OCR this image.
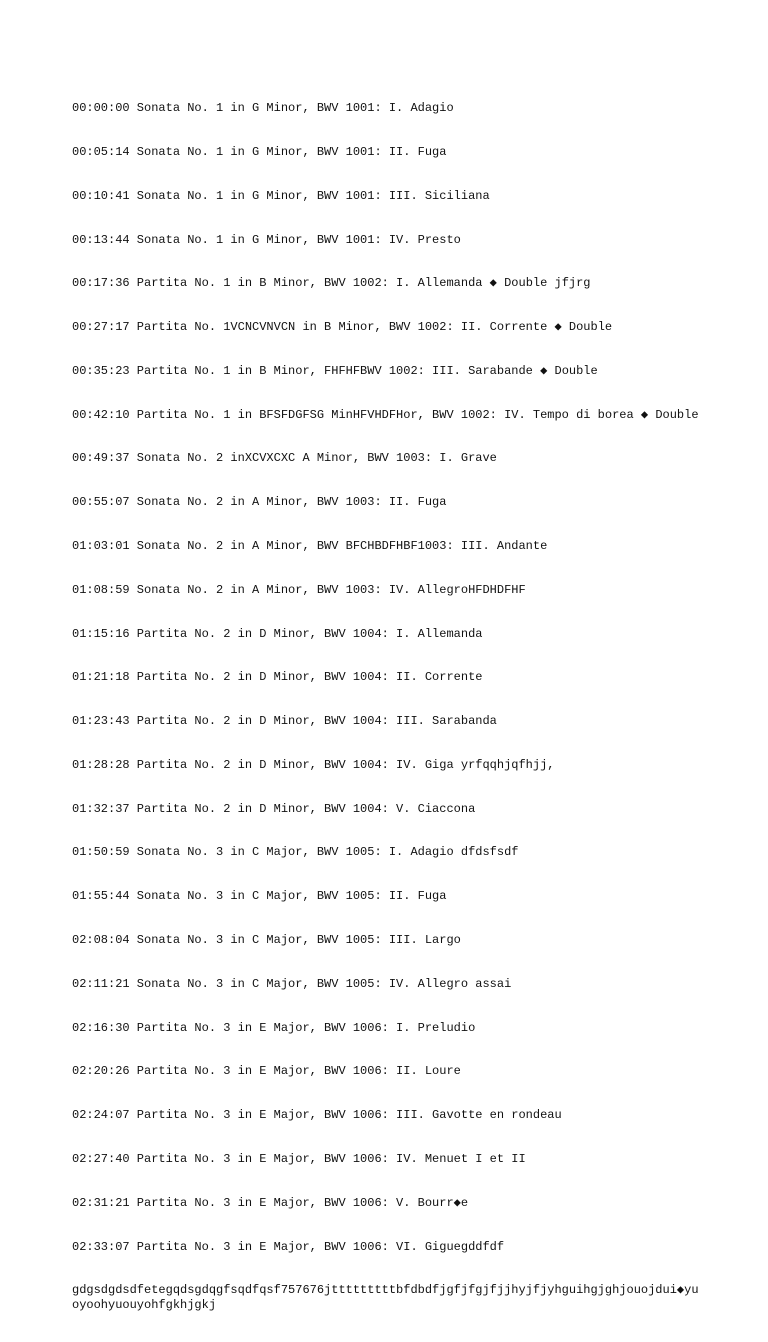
00:00:00 Sonata No. 1 in G Minor, BWV 1001: I. Adagio

00:05:14 Sonata No. 1 in G Minor, BWV 1001: II. Fuga

00:10:41 Sonata No. 1 in G Minor, BWV 1001: III. Siciliana

00:13:44 Sonata No. 1 in G Minor, BWV 1001: IV. Presto

00:17:36 Partita No. 1 in B Minor, BWV 1002: I. Allemanda ◆ Double jfjrg

00:27:17 Partita No. 1VCNCVNVCN in B Minor, BWV 1002: II. Corrente ◆ Double

00:35:23 Partita No. 1 in B Minor, FHFHFBWV 1002: III. Sarabande ◆ Double

00:42:10 Partita No. 1 in BFSFDGFSG MinHFVHDFHor, BWV 1002: IV. Tempo di borea ◆ Double

00:49:37 Sonata No. 2 inXCVXCXC A Minor, BWV 1003: I. Grave

00:55:07 Sonata No. 2 in A Minor, BWV 1003: II. Fuga

01:03:01 Sonata No. 2 in A Minor, BWV BFCHBDFHBF1003: III. Andante

01:08:59 Sonata No. 2 in A Minor, BWV 1003: IV. AllegroHFDHDFHF

01:15:16 Partita No. 2 in D Minor, BWV 1004: I. Allemanda

01:21:18 Partita No. 2 in D Minor, BWV 1004: II. Corrente

01:23:43 Partita No. 2 in D Minor, BWV 1004: III. Sarabanda

01:28:28 Partita No. 2 in D Minor, BWV 1004: IV. Giga yrfqqhjqfhjj,

01:32:37 Partita No. 2 in D Minor, BWV 1004: V. Ciaccona

01:50:59 Sonata No. 3 in C Major, BWV 1005: I. Adagio dfdsfsdf

01:55:44 Sonata No. 3 in C Major, BWV 1005: II. Fuga

02:08:04 Sonata No. 3 in C Major, BWV 1005: III. Largo

02:11:21 Sonata No. 3 in C Major, BWV 1005: IV. Allegro assai

02:16:30 Partita No. 3 in E Major, BWV 1006: I. Preludio

02:20:26 Partita No. 3 in E Major, BWV 1006: II. Loure

02:24:07 Partita No. 3 in E Major, BWV 1006: III. Gavotte en rondeau

02:27:40 Partita No. 3 in E Major, BWV 1006: IV. Menuet I et II

02:31:21 Partita No. 3 in E Major, BWV 1006: V. Bourr◆e

02:33:07 Partita No. 3 in E Major, BWV 1006: VI. Giguegddfdf

gdgsdgdsdfetegqdsgdqgfsqdfqsf757676jtttttttttbfdbdfjgfjfgjfjjhyjfjyhguihgjghjouojdui◆yuoyoohyuouyohfgkhjgkj
